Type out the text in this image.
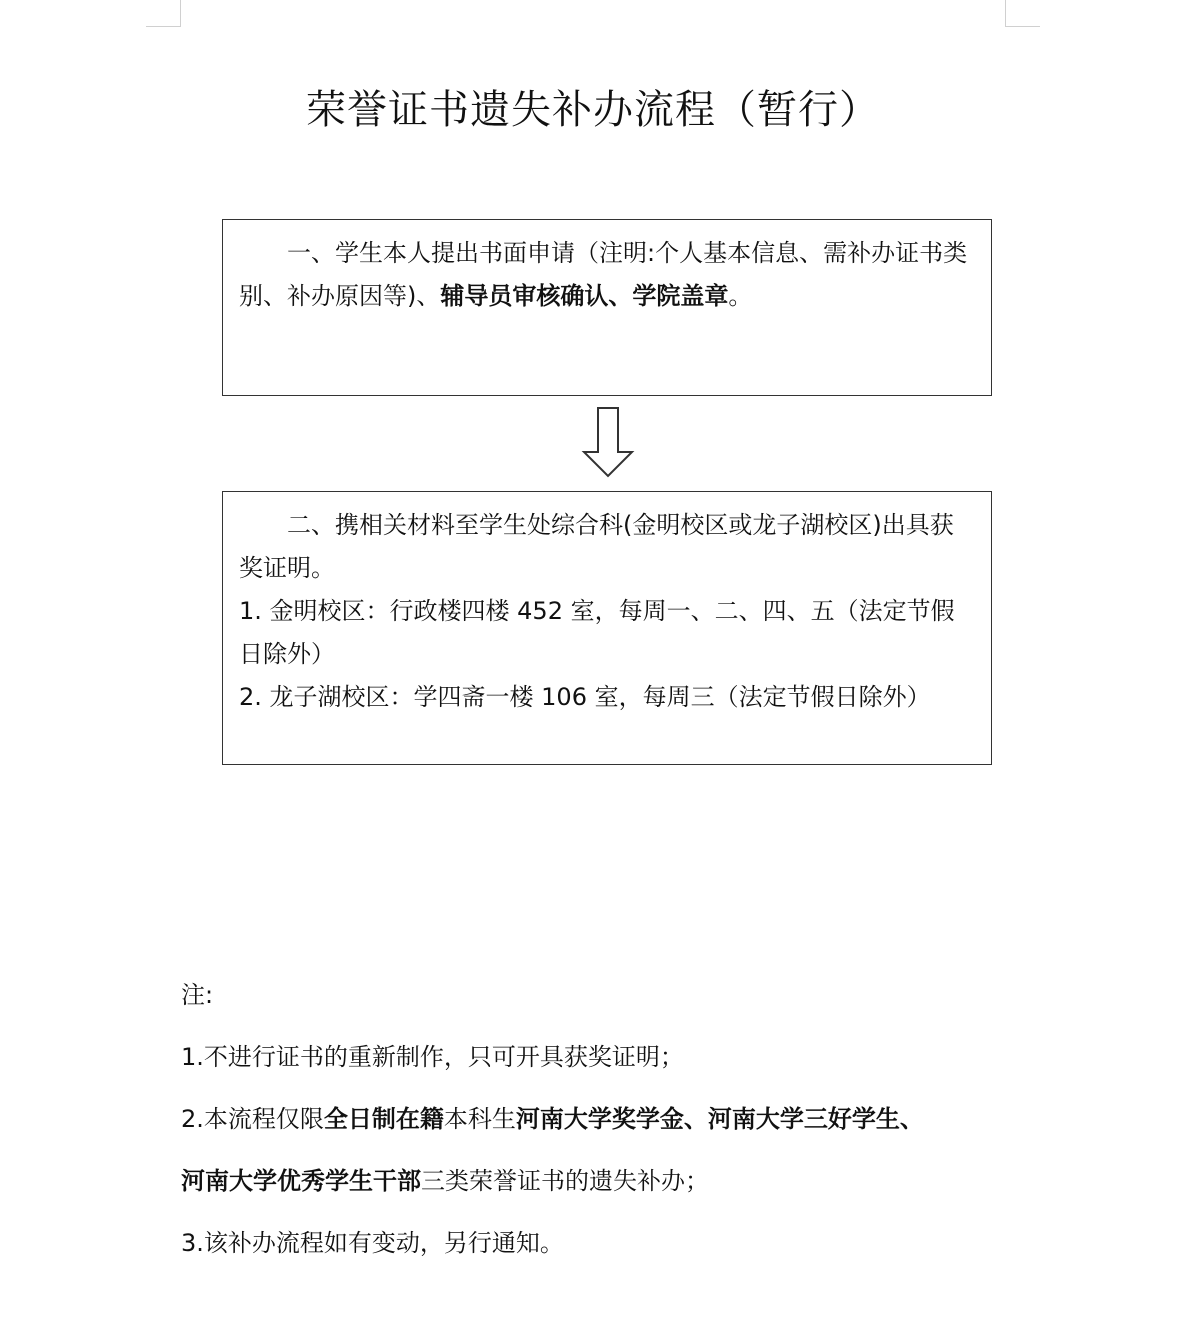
荣誉证书遗失补办流程（暂行）

一、学生本人提出书面申请（注明:个人基本信息、需补办证书类别、补办原因等)、辅导员审核确认、学院盖章。

二、携相关材料至学生处综合科(金明校区或龙子湖校区)出具获奖证明。

1. 金明校区：行政楼四楼 452 室，每周一、二、四、五（法定节假日除外）

2. 龙子湖校区：学四斋一楼 106 室，每周三（法定节假日除外）

注:
1.不进行证书的重新制作，只可开具获奖证明；
2.本流程仅限全日制在籍本科生河南大学奖学金、河南大学三好学生、
河南大学优秀学生干部三类荣誉证书的遗失补办；
3.该补办流程如有变动，另行通知。
